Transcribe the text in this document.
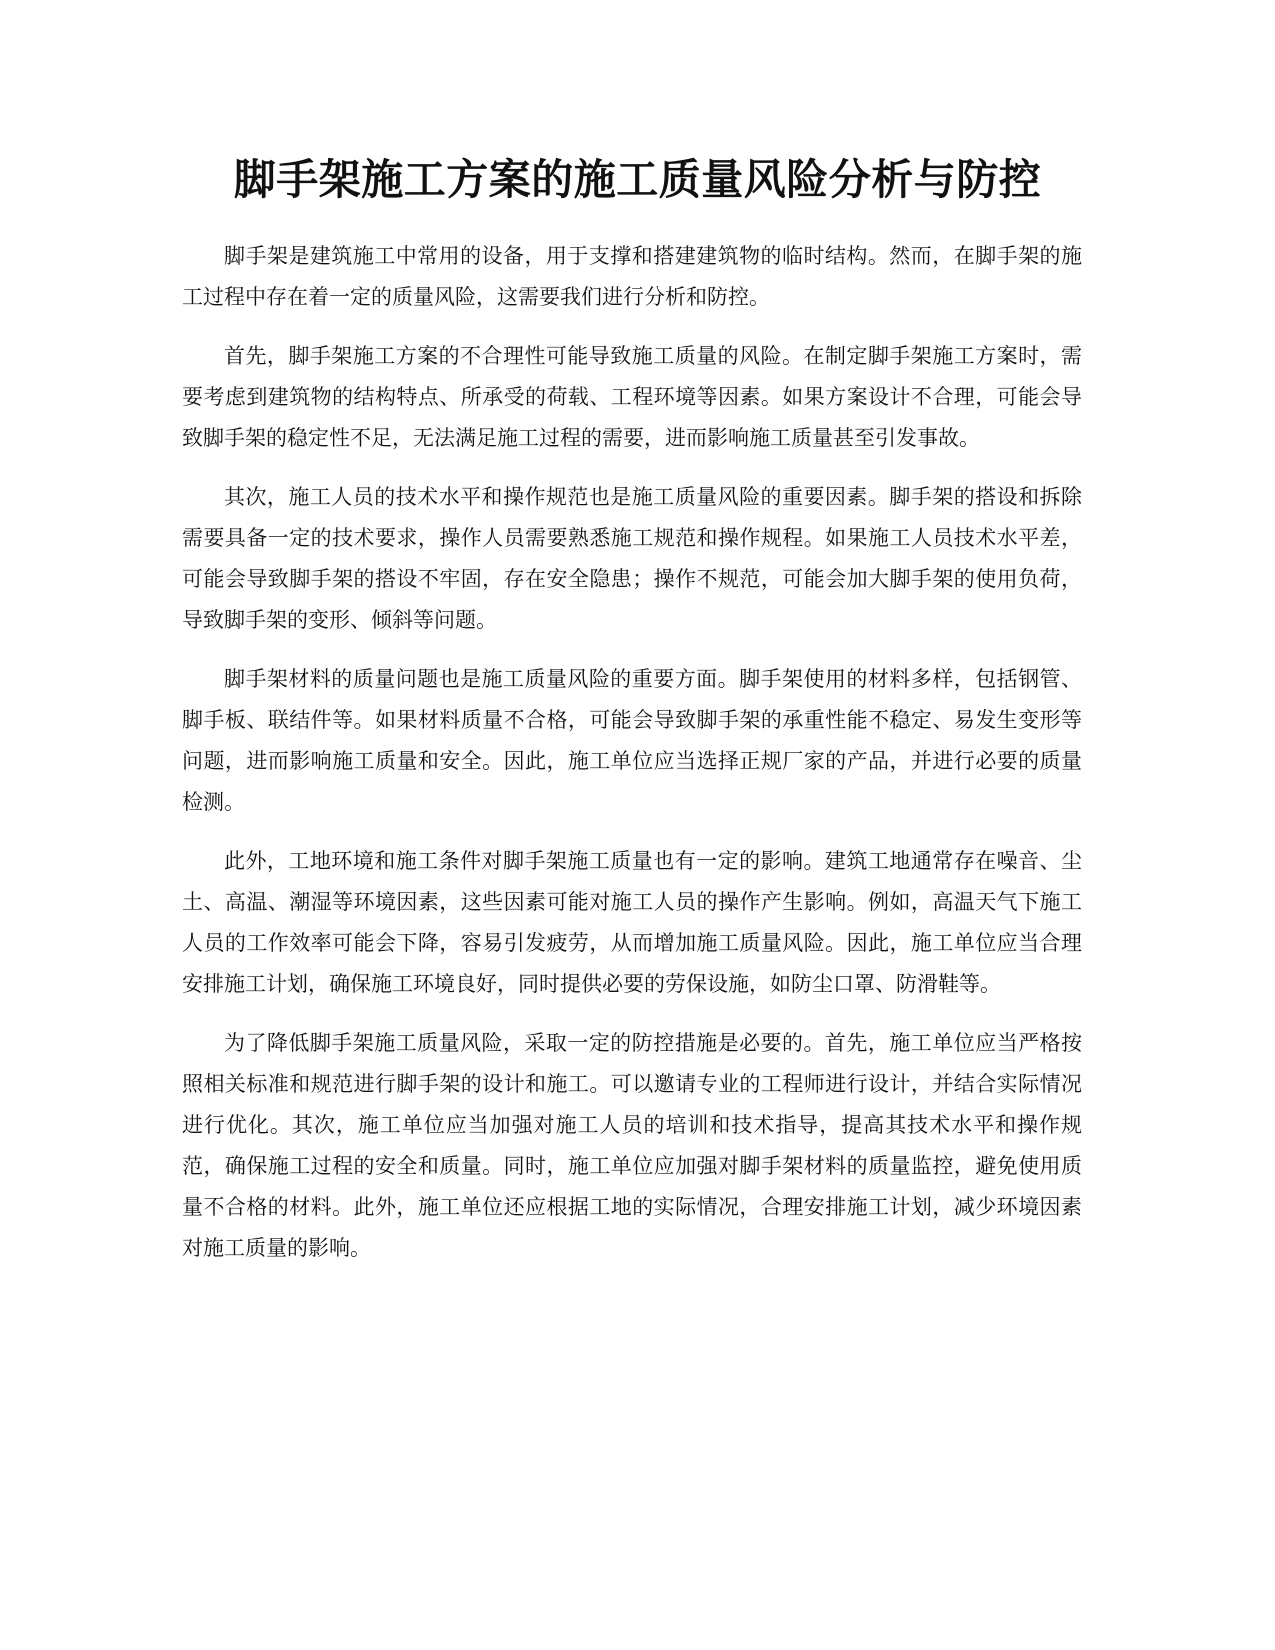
脚手架施工方案的施工质量风险分析与防控

脚手架是建筑施工中常用的设备，用于支撑和搭建建筑物的临时结构。然而，在脚手架的施工过程中存在着一定的质量风险，这需要我们进行分析和防控。

首先，脚手架施工方案的不合理性可能导致施工质量的风险。在制定脚手架施工方案时，需要考虑到建筑物的结构特点、所承受的荷载、工程环境等因素。如果方案设计不合理，可能会导致脚手架的稳定性不足，无法满足施工过程的需要，进而影响施工质量甚至引发事故。

其次，施工人员的技术水平和操作规范也是施工质量风险的重要因素。脚手架的搭设和拆除需要具备一定的技术要求，操作人员需要熟悉施工规范和操作规程。如果施工人员技术水平差，可能会导致脚手架的搭设不牢固，存在安全隐患；操作不规范，可能会加大脚手架的使用负荷，导致脚手架的变形、倾斜等问题。

脚手架材料的质量问题也是施工质量风险的重要方面。脚手架使用的材料多样，包括钢管、脚手板、联结件等。如果材料质量不合格，可能会导致脚手架的承重性能不稳定、易发生变形等问题，进而影响施工质量和安全。因此，施工单位应当选择正规厂家的产品，并进行必要的质量检测。

此外，工地环境和施工条件对脚手架施工质量也有一定的影响。建筑工地通常存在噪音、尘土、高温、潮湿等环境因素，这些因素可能对施工人员的操作产生影响。例如，高温天气下施工人员的工作效率可能会下降，容易引发疲劳，从而增加施工质量风险。因此，施工单位应当合理安排施工计划，确保施工环境良好，同时提供必要的劳保设施，如防尘口罩、防滑鞋等。

为了降低脚手架施工质量风险，采取一定的防控措施是必要的。首先，施工单位应当严格按照相关标准和规范进行脚手架的设计和施工。可以邀请专业的工程师进行设计，并结合实际情况进行优化。其次，施工单位应当加强对施工人员的培训和技术指导，提高其技术水平和操作规范，确保施工过程的安全和质量。同时，施工单位应加强对脚手架材料的质量监控，避免使用质量不合格的材料。此外，施工单位还应根据工地的实际情况，合理安排施工计划，减少环境因素对施工质量的影响。
